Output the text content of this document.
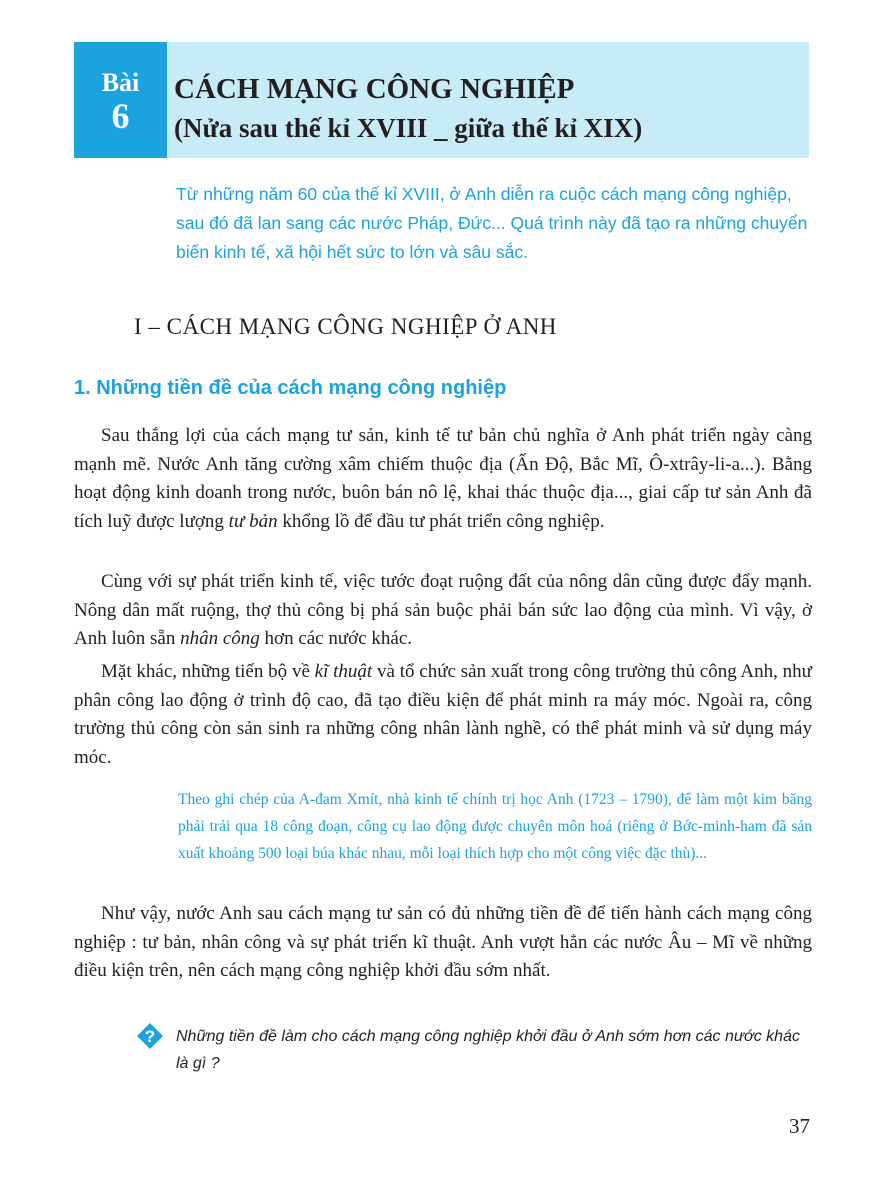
Bài
6
CÁCH MẠNG CÔNG NGHIỆP
(Nửa sau thế kỉ XVIII _ giữa thế kỉ XIX)
Từ những năm 60 của thế kỉ XVIII, ở Anh diễn ra cuộc cách mạng công nghiệp, sau đó đã lan sang các nước Pháp, Đức... Quá trình này đã tạo ra những chuyển biến kinh tế, xã hội hết sức to lớn và sâu sắc.
I – CÁCH MẠNG CÔNG NGHIỆP Ở ANH
1. Những tiền đề của cách mạng công nghiệp
Sau thắng lợi của cách mạng tư sản, kinh tế tư bản chủ nghĩa ở Anh phát triển ngày càng mạnh mẽ. Nước Anh tăng cường xâm chiếm thuộc địa (Ấn Độ, Bắc Mĩ, Ô-xtrây-li-a...). Bằng hoạt động kinh doanh trong nước, buôn bán nô lệ, khai thác thuộc địa..., giai cấp tư sản Anh đã tích luỹ được lượng tư bản khổng lồ để đầu tư phát triển công nghiệp.
Cùng với sự phát triển kinh tế, việc tước đoạt ruộng đất của nông dân cũng được đẩy mạnh. Nông dân mất ruộng, thợ thủ công bị phá sản buộc phải bán sức lao động của mình. Vì vậy, ở Anh luôn sẵn nhân công hơn các nước khác.
Mặt khác, những tiến bộ về kĩ thuật và tổ chức sản xuất trong công trường thủ công Anh, như phân công lao động ở trình độ cao, đã tạo điều kiện để phát minh ra máy móc. Ngoài ra, công trường thủ công còn sản sinh ra những công nhân lành nghề, có thể phát minh và sử dụng máy móc.
Theo ghi chép của A-đam Xmít, nhà kinh tế chính trị học Anh (1723 – 1790), để làm một kim băng phải trải qua 18 công đoạn, công cụ lao động được chuyên môn hoá (riêng ở Bớc-minh-ham đã sản xuất khoảng 500 loại búa khác nhau, mỗi loại thích hợp cho một công việc đặc thù)...
Như vậy, nước Anh sau cách mạng tư sản có đủ những tiền đề để tiến hành cách mạng công nghiệp : tư bản, nhân công và sự phát triển kĩ thuật. Anh vượt hẳn các nước Âu – Mĩ về những điều kiện trên, nên cách mạng công nghiệp khởi đầu sớm nhất.
? Những tiền đề làm cho cách mạng công nghiệp khởi đầu ở Anh sớm hơn các nước khác là gì ?
37
